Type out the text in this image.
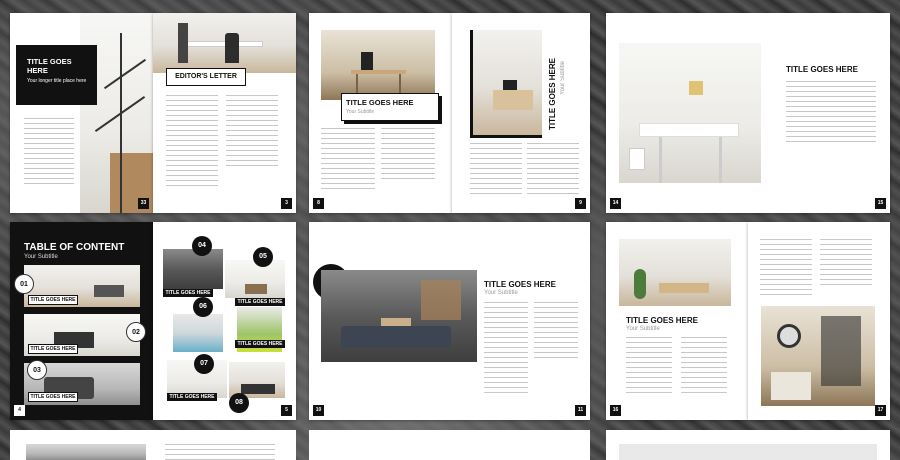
TITLE GOES HERE
Your longer title place here
33
EDITOR'S LETTER
3
TITLE GOES HERE
Your Subtitle
8
TITLE GOES HERE Your Subtitle
9
TITLE GOES HERE
14	15
TABLE OF CONTENT
Your Subtitle
01
TITLE GOES HERE
02
TITLE GOES HERE
03
TITLE GOES HERE
4
04
TITLE GOES HERE
05
TITLE GOES HERE
06
TITLE GOES HERE
07
TITLE GOES HERE
08
5
TITLE GOES HERE
Your Subtitle
10	11
TITLE GOES HERE
Your Subtitle
16	17
